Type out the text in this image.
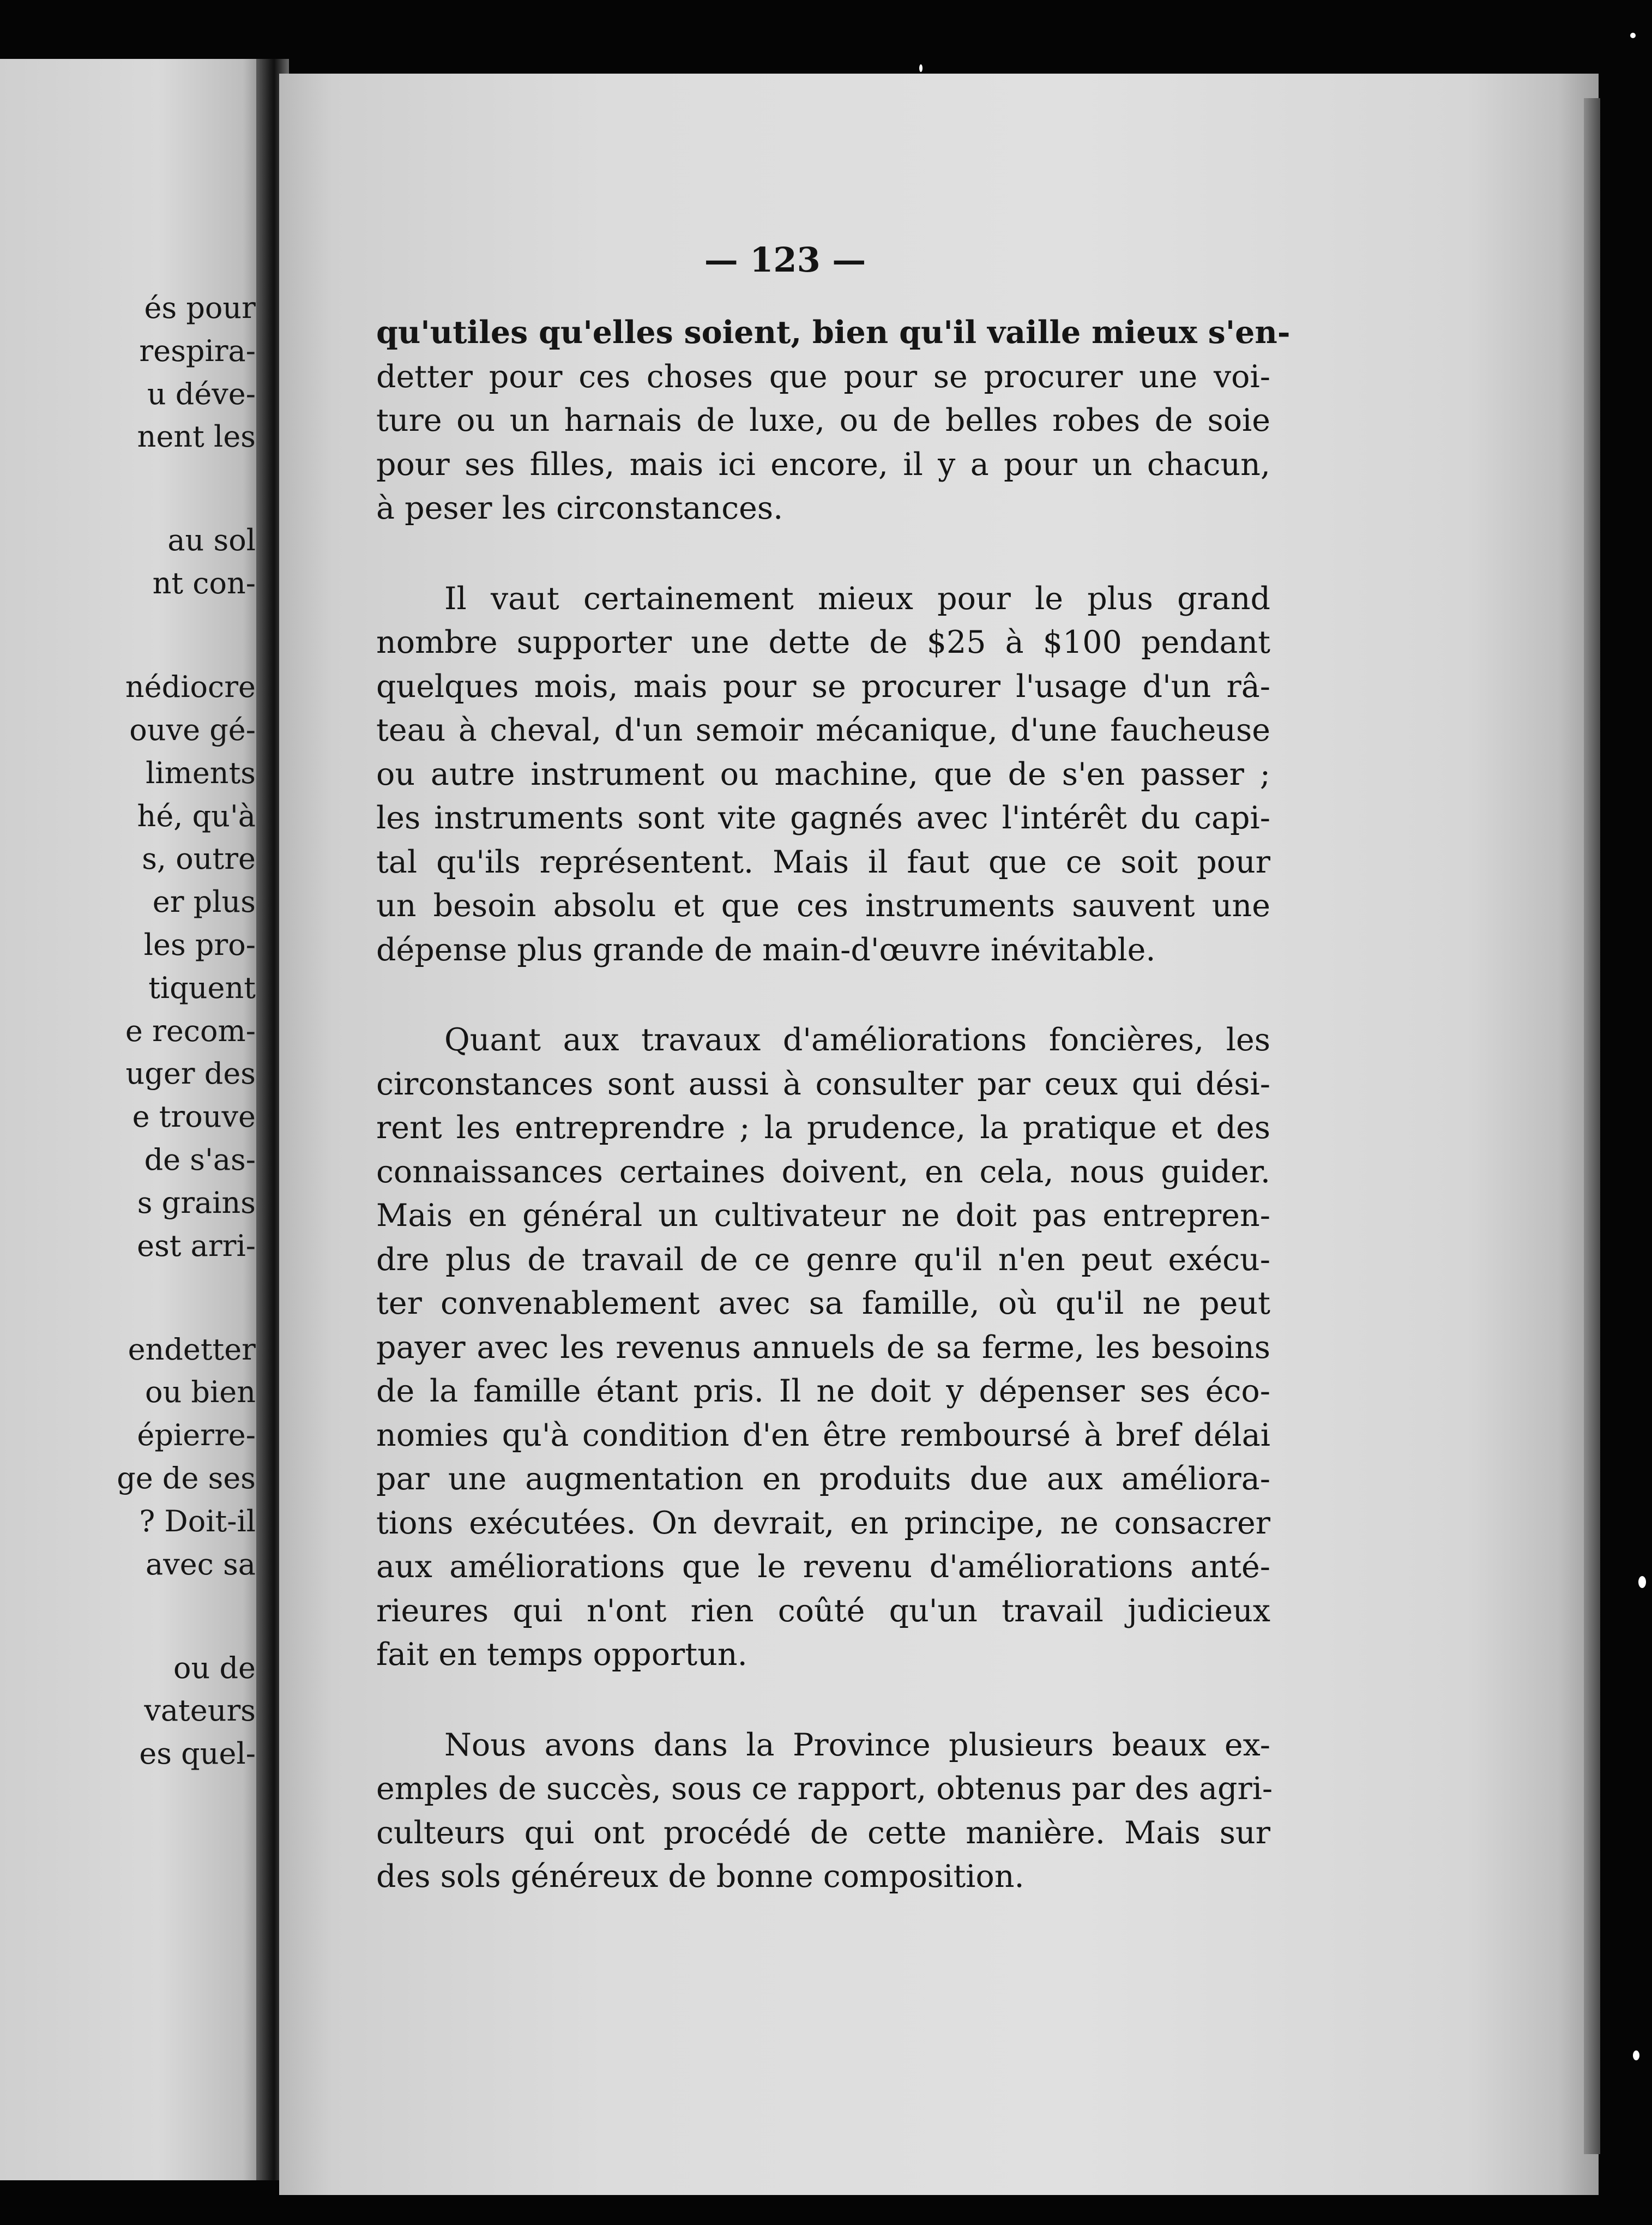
és pour
respira-
u déve-
nent les
au sol
nt con-
nédiocre
ouve gé-
liments
hé, qu'à
s, outre
er plus
les pro-
tiquent
e recom-
uger des
e trouve
de s'as-
s grains
est arri-
endetter
ou bien
épierre-
ge de ses
? Doit-il
avec sa
ou de
vateurs
es quel-
— 123 —

qu'utiles qu'elles soient, bien qu'il vaille mieux s'en-
detter pour ces choses que pour se procurer une voi-
ture ou un harnais de luxe, ou de belles robes de soie
pour ses filles, mais ici encore, il y a pour un chacun,
à peser les circonstances.

Il vaut certainement mieux pour le plus grand
nombre supporter une dette de $25 à $100 pendant
quelques mois, mais pour se procurer l'usage d'un râ-
teau à cheval, d'un semoir mécanique, d'une faucheuse
ou autre instrument ou machine, que de s'en passer ;
les instruments sont vite gagnés avec l'intérêt du capi-
tal qu'ils représentent. Mais il faut que ce soit pour
un besoin absolu et que ces instruments sauvent une
dépense plus grande de main-d'œuvre inévitable.

Quant aux travaux d'améliorations foncières, les
circonstances sont aussi à consulter par ceux qui dési-
rent les entreprendre ; la prudence, la pratique et des
connaissances certaines doivent, en cela, nous guider.
Mais en général un cultivateur ne doit pas entrepren-
dre plus de travail de ce genre qu'il n'en peut exécu-
ter convenablement avec sa famille, où qu'il ne peut
payer avec les revenus annuels de sa ferme, les besoins
de la famille étant pris. Il ne doit y dépenser ses éco-
nomies qu'à condition d'en être remboursé à bref délai
par une augmentation en produits due aux améliora-
tions exécutées. On devrait, en principe, ne consacrer
aux améliorations que le revenu d'améliorations anté-
rieures qui n'ont rien coûté qu'un travail judicieux
fait en temps opportun.

Nous avons dans la Province plusieurs beaux ex-
emples de succès, sous ce rapport, obtenus par des agri-
culteurs qui ont procédé de cette manière. Mais sur
des sols généreux de bonne composition.
